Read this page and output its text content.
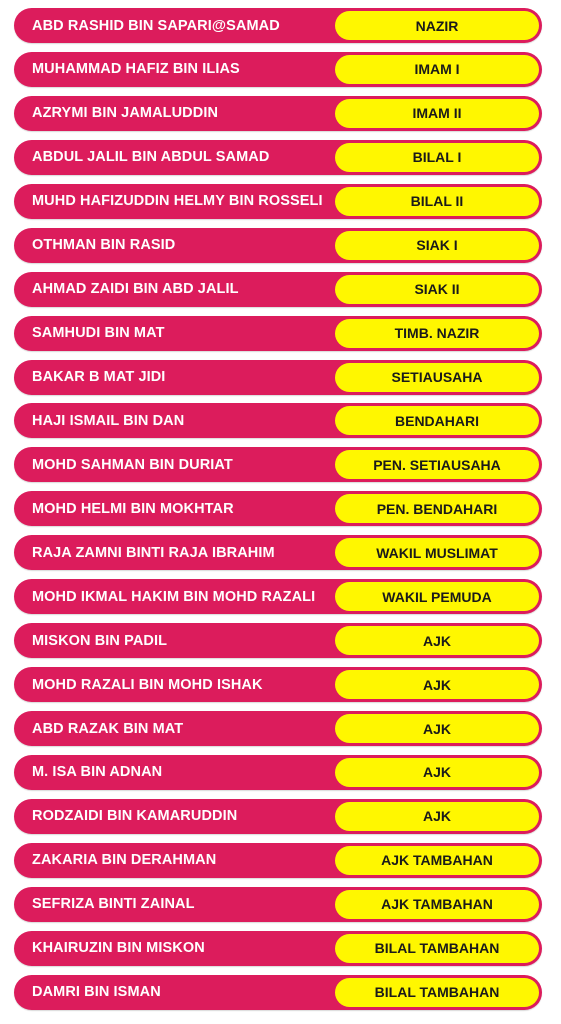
ABD RASHID BIN SAPARI@SAMAD	NAZIR
MUHAMMAD HAFIZ BIN ILIAS	IMAM I
AZRYMI BIN JAMALUDDIN	IMAM II
ABDUL JALIL BIN ABDUL SAMAD	BILAL I
MUHD HAFIZUDDIN HELMY BIN ROSSELI	BILAL II
OTHMAN BIN RASID	SIAK I
AHMAD ZAIDI BIN ABD JALIL	SIAK II
SAMHUDI BIN MAT	TIMB. NAZIR
BAKAR B MAT JIDI	SETIAUSAHA
HAJI ISMAIL BIN DAN	BENDAHARI
MOHD SAHMAN BIN DURIAT	PEN. SETIAUSAHA
MOHD HELMI BIN MOKHTAR	PEN. BENDAHARI
RAJA ZAMNI BINTI RAJA IBRAHIM	WAKIL MUSLIMAT
MOHD IKMAL HAKIM BIN MOHD RAZALI	WAKIL PEMUDA
MISKON BIN PADIL	AJK
MOHD RAZALI BIN MOHD ISHAK	AJK
ABD RAZAK BIN MAT	AJK
M. ISA BIN ADNAN	AJK
RODZAIDI BIN KAMARUDDIN	AJK
ZAKARIA BIN DERAHMAN	AJK TAMBAHAN
SEFRIZA BINTI ZAINAL	AJK TAMBAHAN
KHAIRUZIN BIN MISKON	BILAL TAMBAHAN
DAMRI BIN ISMAN	BILAL TAMBAHAN
